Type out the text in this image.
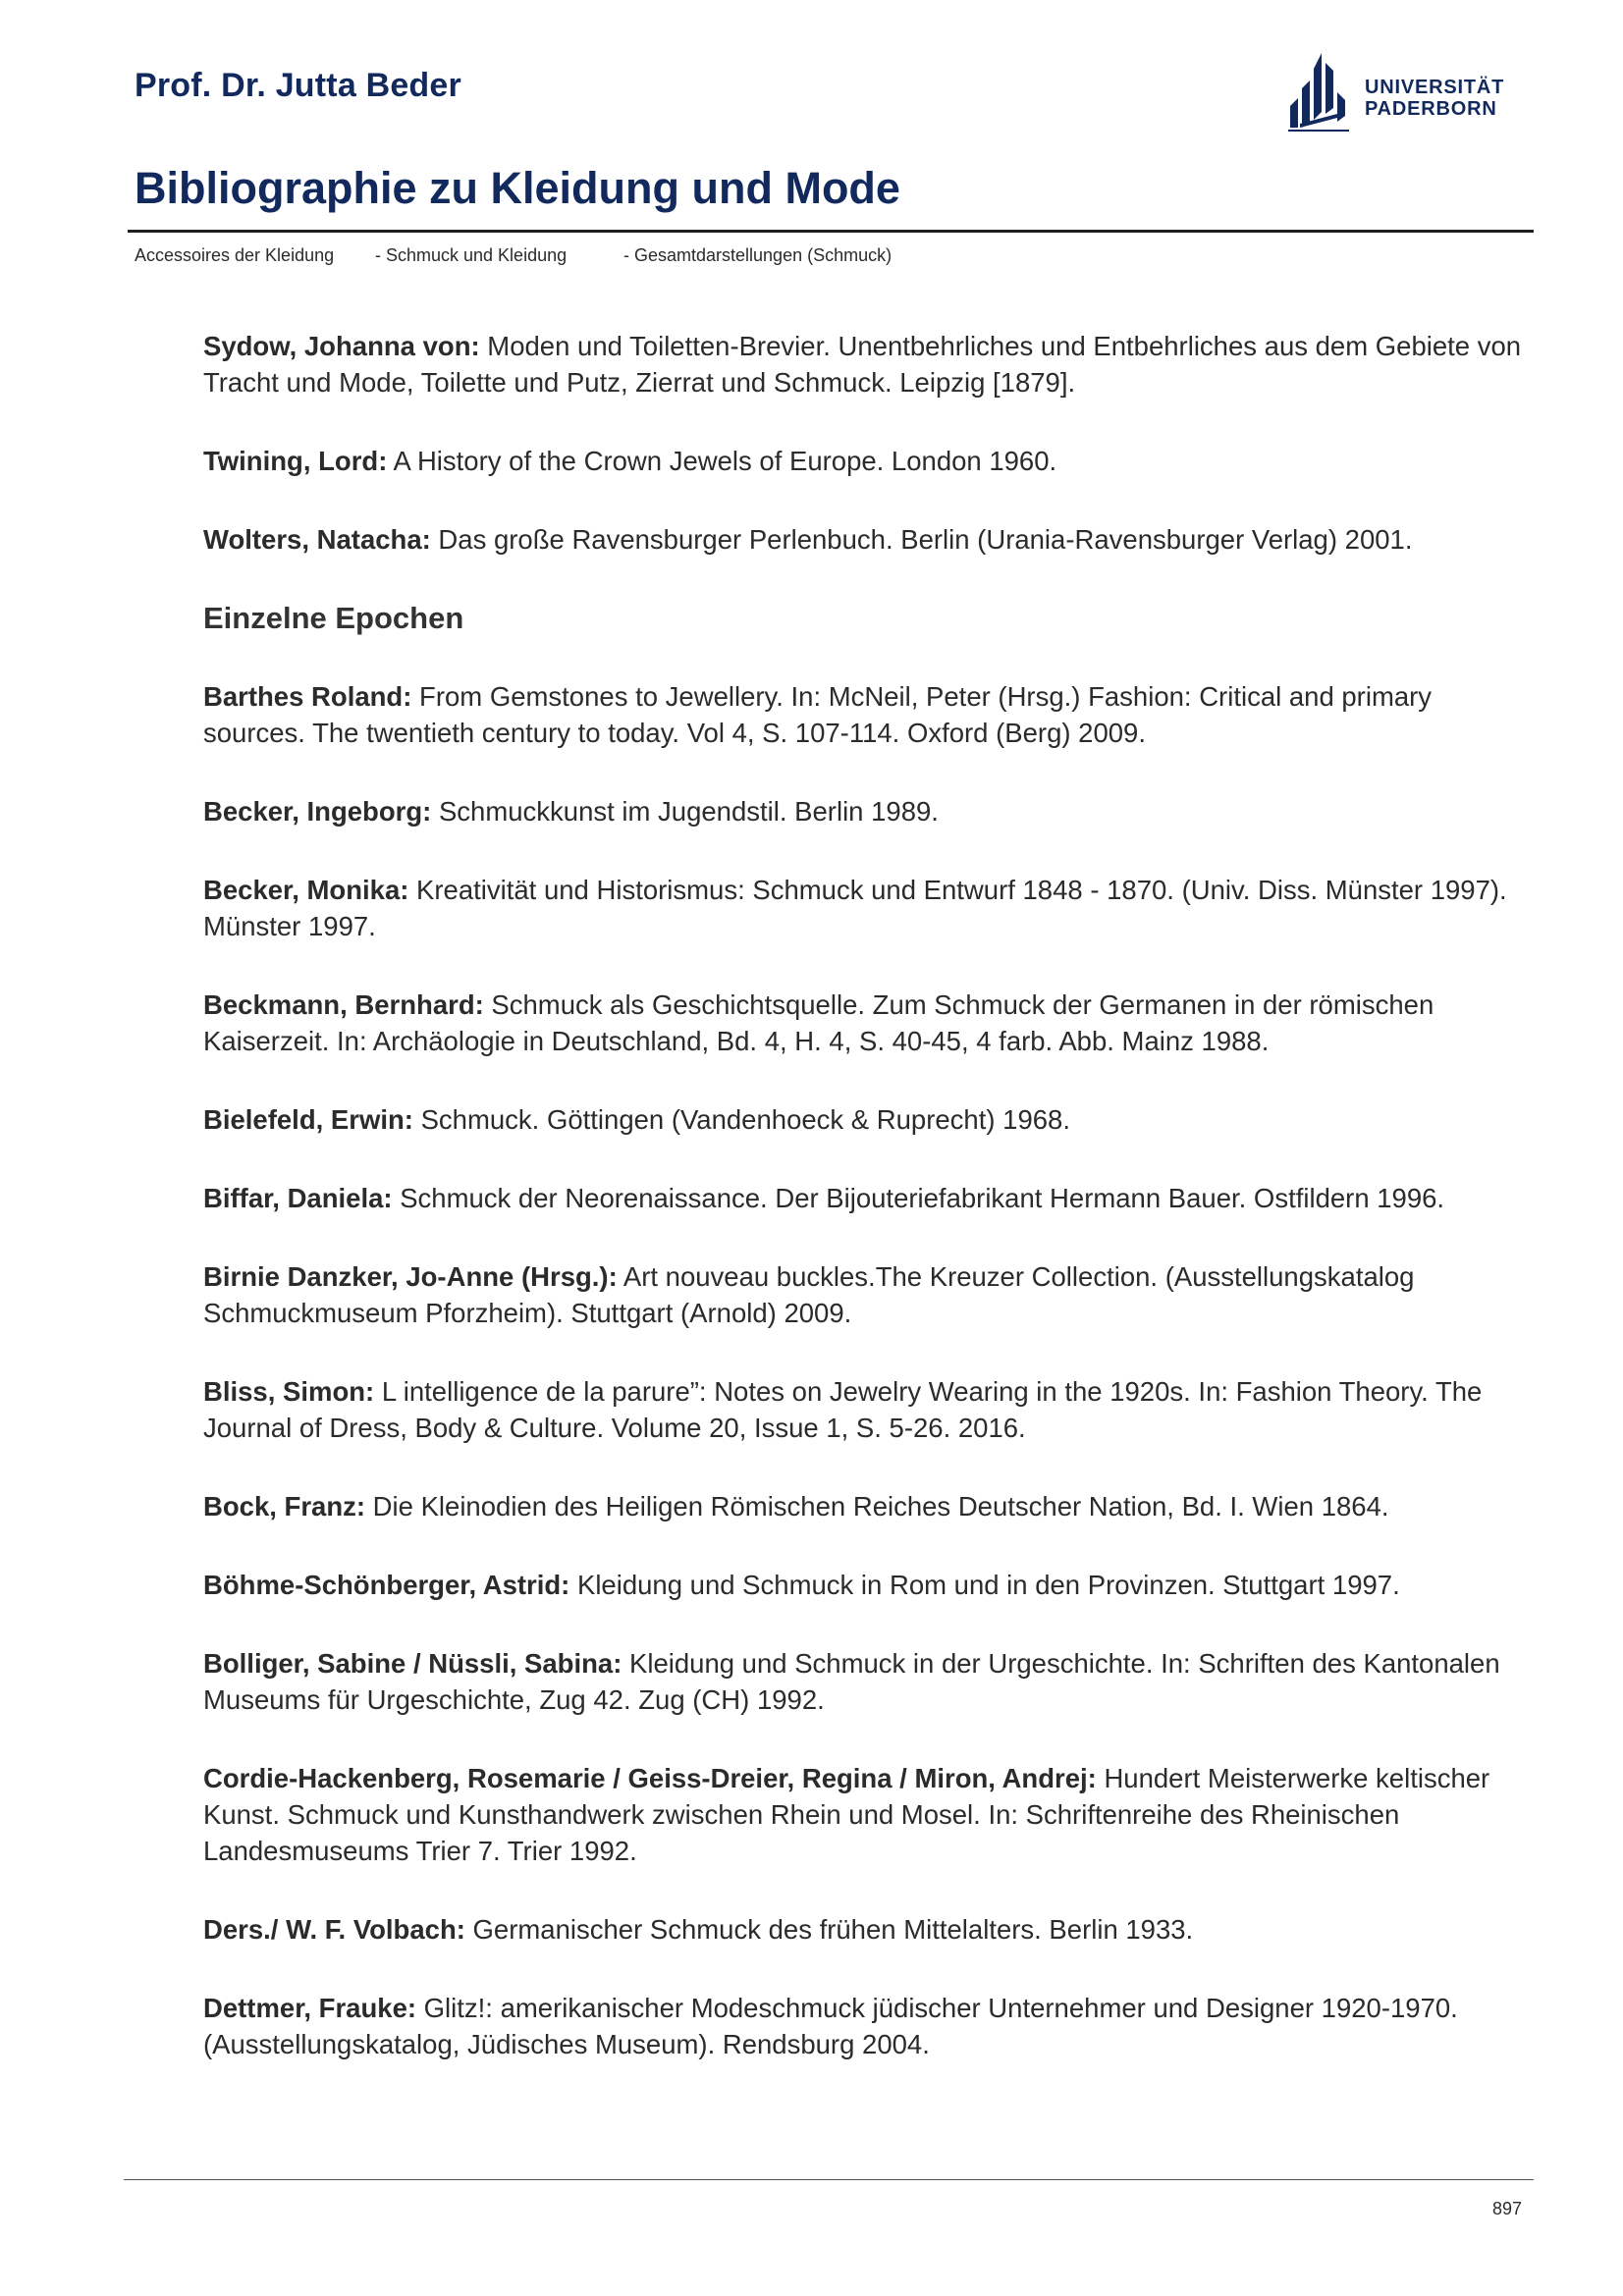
Prof. Dr. Jutta Beder	UNIVERSITÄT
PADERBORN
Bibliographie zu Kleidung und Mode
Accessoires der Kleidung	- Schmuck und Kleidung	- Gesamtdarstellungen (Schmuck)
Sydow, Johanna von: Moden und Toiletten-Brevier. Unentbehrliches und Entbehrliches aus dem Gebiete von Tracht und Mode, Toilette und Putz, Zierrat und Schmuck. Leipzig [1879].
Twining, Lord: A History of the Crown Jewels of Europe. London 1960.
Wolters, Natacha: Das große Ravensburger Perlenbuch. Berlin (Urania-Ravensburger Verlag) 2001.
Einzelne Epochen
Barthes Roland: From Gemstones to Jewellery. In: McNeil, Peter (Hrsg.) Fashion: Critical and primary sources. The twentieth century to today. Vol 4, S. 107-114. Oxford (Berg) 2009.
Becker, Ingeborg: Schmuckkunst im Jugendstil. Berlin 1989.
Becker, Monika: Kreativität und Historismus: Schmuck und Entwurf 1848 - 1870. (Univ. Diss. Münster 1997). Münster 1997.
Beckmann, Bernhard: Schmuck als Geschichtsquelle. Zum Schmuck der Germanen in der römischen Kaiserzeit. In: Archäologie in Deutschland, Bd. 4, H. 4, S. 40-45, 4 farb. Abb. Mainz 1988.
Bielefeld, Erwin: Schmuck. Göttingen (Vandenhoeck & Ruprecht) 1968.
Biffar, Daniela: Schmuck der Neorenaissance. Der Bijouteriefabrikant Hermann Bauer. Ostfildern 1996.
Birnie Danzker, Jo-Anne (Hrsg.): Art nouveau buckles.The Kreuzer Collection. (Ausstellungskatalog Schmuckmuseum Pforzheim). Stuttgart (Arnold) 2009.
Bliss, Simon: L intelligence de la parure”: Notes on Jewelry Wearing in the 1920s. In: Fashion Theory. The Journal of Dress, Body & Culture. Volume 20, Issue 1, S. 5-26. 2016.
Bock, Franz: Die Kleinodien des Heiligen Römischen Reiches Deutscher Nation, Bd. I. Wien 1864.
Böhme-Schönberger, Astrid: Kleidung und Schmuck in Rom und in den Provinzen. Stuttgart 1997.
Bolliger, Sabine / Nüssli, Sabina: Kleidung und Schmuck in der Urgeschichte. In: Schriften des Kantonalen Museums für Urgeschichte, Zug 42. Zug (CH) 1992.
Cordie-Hackenberg, Rosemarie / Geiss-Dreier, Regina / Miron, Andrej: Hundert Meisterwerke keltischer Kunst. Schmuck und Kunsthandwerk zwischen Rhein und Mosel. In: Schriftenreihe des Rheinischen Landesmuseums Trier 7. Trier 1992.
Ders./ W. F. Volbach: Germanischer Schmuck des frühen Mittelalters. Berlin 1933.
Dettmer, Frauke: Glitz!: amerikanischer Modeschmuck jüdischer Unternehmer und Designer 1920-1970. (Ausstellungskatalog, Jüdisches Museum). Rendsburg 2004.
897
